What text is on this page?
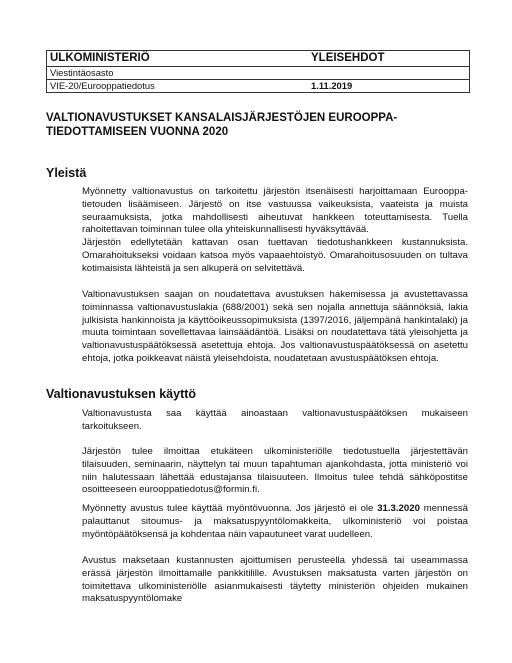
ULKOMINISTERIÖ	YLEISEHDOT
Viestintäosasto
VIE-20/Eurooppatiedotus	1.11.2019
VALTIONAVUSTUKSET KANSALAISJÄRJESTÖJEN EUROOPPA-TIEDOTTAMISEEN VUONNA 2020
Yleistä

Myönnetty valtionavustus on tarkoitettu järjestön itsenäisesti harjoittamaan Eurooppa-tietouden lisäämiseen. Järjestö on itse vastuussa vaikeuksista, vaateista ja muista seuraamuksista, jotka mahdollisesti aiheutuvat hankkeen toteuttamisesta. Tuella rahoitettavan toiminnan tulee olla yhteiskunnallisesti hyväksyttävää.

Järjestön edellytetään kattavan osan tuettavan tiedotushankkeen kustannuksista. Omarahoitukseksi voidaan katsoa myös vapaaehtoistyö. Omarahoitusosuuden on tultava kotimaisista lähteistä ja sen alkuperä on selvitettävä.

Valtionavustuksen saajan on noudatettava avustuksen hakemisessa ja avustettavassa toiminnassa valtionavustuslakia (688/2001) sekä sen nojalla annettuja säännöksiä, lakia julkisista hankinnoista ja käyttöoikeussopimuksista (1397/2016, jäljempänä hankintalaki) ja muuta toimintaan sovellettavaa lainsäädäntöä. Lisäksi on noudatettava tätä yleisohjetta ja valtionavustuspäätöksessä asetettuja ehtoja. Jos valtionavustuspäätöksessä on asetettu ehtoja, jotka poikkeavat näistä yleisehdoista, noudatetaan avustuspäätöksen ehtoja.

Valtionavustuksen käyttö

Valtionavustusta saa käyttää ainoastaan valtionavustuspäätöksen mukaiseen tarkoitukseen.

Järjestön tulee ilmoittaa etukäteen ulkoministeriölle tiedotustuella järjestettävän tilaisuuden, seminaarin, näyttelyn tai muun tapahtuman ajankohdasta, jotta ministeriö voi niin halutessaan lähettää edustajansa tilaisuuteen. Ilmoitus tulee tehdä sähköpostitse osoitteeseen eurooppatiedotus@formin.fi.

Myönnetty avustus tulee käyttää myöntövuonna. Jos järjestö ei ole 31.3.2020 mennessä palauttanut sitoumus- ja maksatuspyyntölomakkeita, ulkoministeriö voi poistaa myöntöpäätöksensä ja kohdentaa näin vapautuneet varat uudelleen.

Avustus maksetaan kustannusten ajoittumisen perusteella yhdessä tai useammassa erässä järjestön ilmoittamalle pankkitilille. Avustuksen maksatusta varten järjestön on toimitettava ulkoministeriölle asianmukaisesti täytetty ministeriön ohjeiden mukainen maksatuspyyntölomake
